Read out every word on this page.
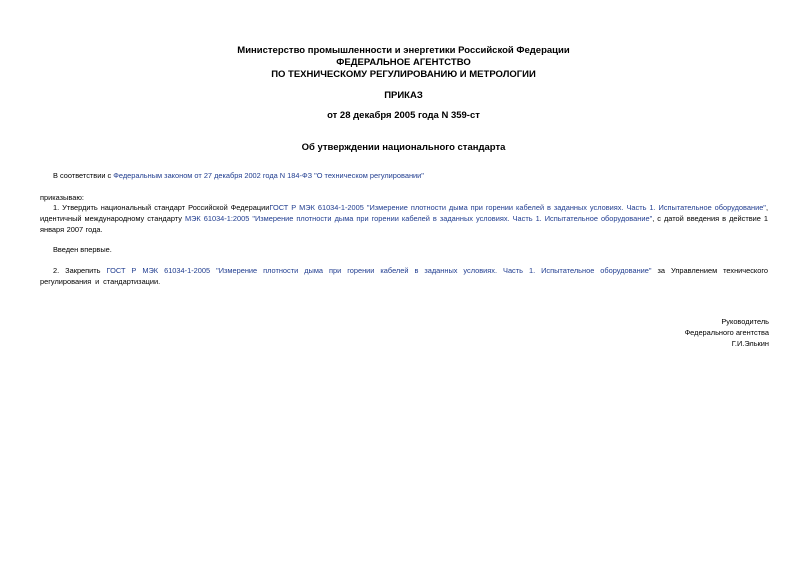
Министерство промышленности и энергетики Российской Федерации
ФЕДЕРАЛЬНОЕ АГЕНТСТВО
ПО ТЕХНИЧЕСКОМУ РЕГУЛИРОВАНИЮ И МЕТРОЛОГИИ
ПРИКАЗ
от 28 декабря 2005 года N 359-ст
Об утверждении национального стандарта
В соответствии с Федеральным законом от 27 декабря 2002 года N 184-ФЗ "О техническом регулировании"
приказываю:
1. Утвердить национальный стандарт Российской ФедерацииГОСТ Р МЭК 61034-1-2005 "Измерение плотности дыма при горении кабелей в заданных условиях. Часть 1. Испытательное оборудование", идентичный международному стандарту МЭК 61034-1:2005 "Измерение плотности дыма при горении кабелей в заданных условиях. Часть 1. Испытательное оборудование", с датой введения в действие 1 января 2007 года.
Введен впервые.
2. Закрепить ГОСТ Р МЭК 61034-1-2005 "Измерение плотности дыма при горении кабелей в заданных условиях. Часть 1. Испытательное оборудование" за Управлением технического регулирования и стандартизации.
Руководитель
Федерального агентства
Г.И.Элькин
